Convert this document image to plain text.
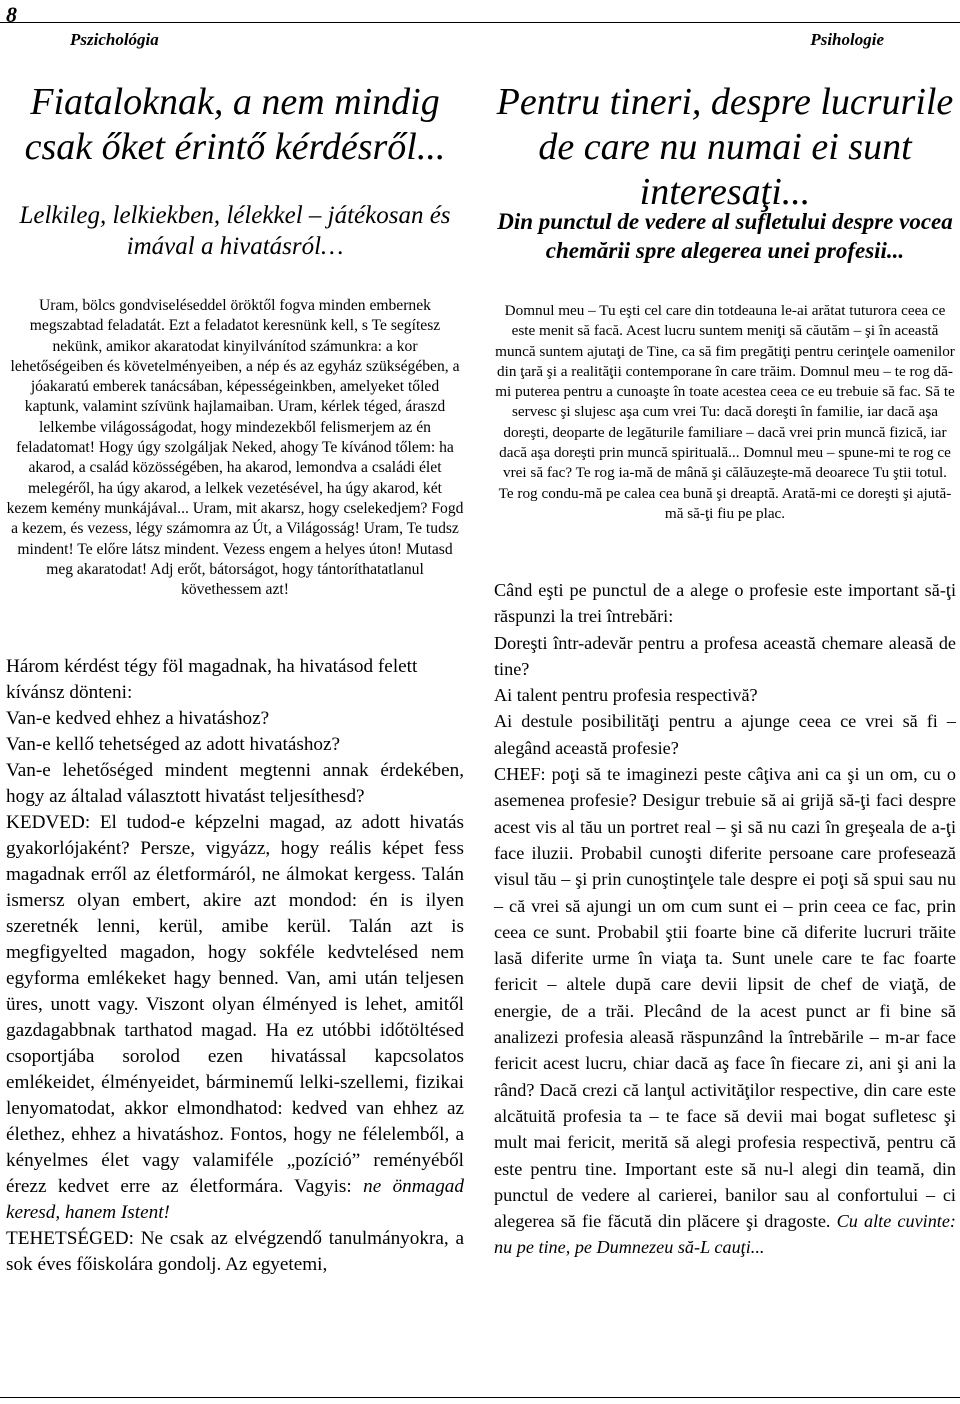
8
Pszichológia
Fiataloknak, a nem mindig csak őket érintő kérdésről...
Lelkileg, lelkiekben, lélekkel – játékosan és imával a hivatásról…
Uram, bölcs gondviseléseddel öröktől fogva minden embernek megszabtad feladatát. Ezt a feladatot keresnünk kell, s Te segítesz nekünk, amikor akaratodat kinyilvánítod számunkra: a kor lehetőségeiben és követelményeiben, a nép és az egyház szükségében, a jóakaratú emberek tanácsában, képességeinkben, amelyeket tőled kaptunk, valamint szívünk hajlamaiban. Uram, kérlek téged, áraszd lelkembe világosságodat, hogy mindezekből felismerjem az én feladatomat! Hogy úgy szolgáljak Neked, ahogy Te kívánod tőlem: ha akarod, a család közösségében, ha akarod, lemondva a családi élet melegéről, ha úgy akarod, a lelkek vezetésével, ha úgy akarod, két kezem kemény munkájával... Uram, mit akarsz, hogy cselekedjem? Fogd a kezem, és vezess, légy számomra az Út, a Világosság! Uram, Te tudsz mindent! Te előre látsz mindent. Vezess engem a helyes úton! Mutasd meg akaratodat! Adj erőt, bátorságot, hogy tántoríthatatlanul követhessem azt!

Három kérdést tégy föl magadnak, ha hivatásod felett kívánsz dönteni:

Van-e kedved ehhez a hivatáshoz?

Van-e kellő tehetséged az adott hivatáshoz?

Van-e lehetőséged mindent megtenni annak érdekében, hogy az általad választott hivatást teljesíthesd?

KEDVED: El tudod-e képzelni magad, az adott hivatás gyakorlójaként? Persze, vigyázz, hogy reális képet fess magadnak erről az életformáról, ne álmokat kergess. Talán ismersz olyan embert, akire azt mondod: én is ilyen szeretnék lenni, kerül, amibe kerül. Talán azt is megfigyelted magadon, hogy sokféle kedvtelésed nem egyforma emlékeket hagy benned. Van, ami után teljesen üres, unott vagy. Viszont olyan élményed is lehet, amitől gazdagabbnak tarthatod magad. Ha ez utóbbi időtöltésed csoportjába sorolod ezen hivatással kapcsolatos emlékeidet, élményeidet, bárminemű lelki-szellemi, fizikai lenyomatodat, akkor elmondhatod: kedved van ehhez az élethez, ehhez a hivatáshoz. Fontos, hogy ne félelemből, a kényelmes élet vagy valamiféle „pozíció” reményéből érezz kedvet erre az életformára. Vagyis: ne önmagad keresd, hanem Istent!

TEHETSÉGED: Ne csak az elvégzendő tanulmányokra, a sok éves főiskolára gondolj. Az egyetemi,

Psihologie
Pentru tineri, despre lucrurile de care nu numai ei sunt interesaţi...
Din punctul de vedere al sufletului despre vocea chemării spre alegerea unei profesii...
Domnul meu – Tu eşti cel care din totdeauna le-ai arătat tuturora ceea ce este menit să facă. Acest lucru suntem meniţi să căutăm – şi în această muncă suntem ajutaţi de Tine, ca să fim pregătiţi pentru cerinţele oamenilor din ţară şi a realităţii contemporane în care trăim. Domnul meu – te rog dă-mi puterea pentru a cunoaşte în toate acestea ceea ce eu trebuie să fac. Să te servesc şi slujesc aşa cum vrei Tu: dacă doreşti în familie, iar dacă aşa doreşti, deoparte de legăturile familiare – dacă vrei prin muncă fizică, iar dacă aşa doreşti prin muncă spirituală... Domnul meu – spune-mi te rog ce vrei să fac? Te rog ia-mă de mână şi călăuzeşte-mă deoarece Tu ştii totul. Te rog condu-mă pe calea cea bună şi dreaptă. Arată-mi ce doreşti şi ajută-mă să-ţi fiu pe plac.

Când eşti pe punctul de a alege o profesie este important să-ţi răspunzi la trei întrebări:

Doreşti într-adevăr pentru a profesa această chemare aleasă de tine?

Ai talent pentru profesia respectivă?

Ai destule posibilităţi pentru a ajunge ceea ce vrei să fi – alegând această profesie?

CHEF: poţi să te imaginezi peste câţiva ani ca şi un om, cu o asemenea profesie? Desigur trebuie să ai grijă să-ţi faci despre acest vis al tău un portret real – şi să nu cazi în greşeala de a-ţi face iluzii. Probabil cunoşti diferite persoane care profesează visul tău – şi prin cunoştinţele tale despre ei poţi să spui sau nu – că vrei să ajungi un om cum sunt ei – prin ceea ce fac, prin ceea ce sunt. Probabil ştii foarte bine că diferite lucruri trăite lasă diferite urme în viaţa ta. Sunt unele care te fac foarte fericit – altele după care devii lipsit de chef de viaţă, de energie, de a trăi. Plecând de la acest punct ar fi bine să analizezi profesia aleasă răspunzând la întrebările – m-ar face fericit acest lucru, chiar dacă aş face în fiecare zi, ani şi ani la rând? Dacă crezi că lanţul activităţilor respective, din care este alcătuită profesia ta – te face să devii mai bogat sufletesc şi mult mai fericit, merită să alegi profesia respectivă, pentru că este pentru tine. Important este să nu-l alegi din teamă, din punctul de vedere al carierei, banilor sau al confortului – ci alegerea să fie făcută din plăcere şi dragoste. Cu alte cuvinte: nu pe tine, pe Dumnezeu să-L cauţi...
